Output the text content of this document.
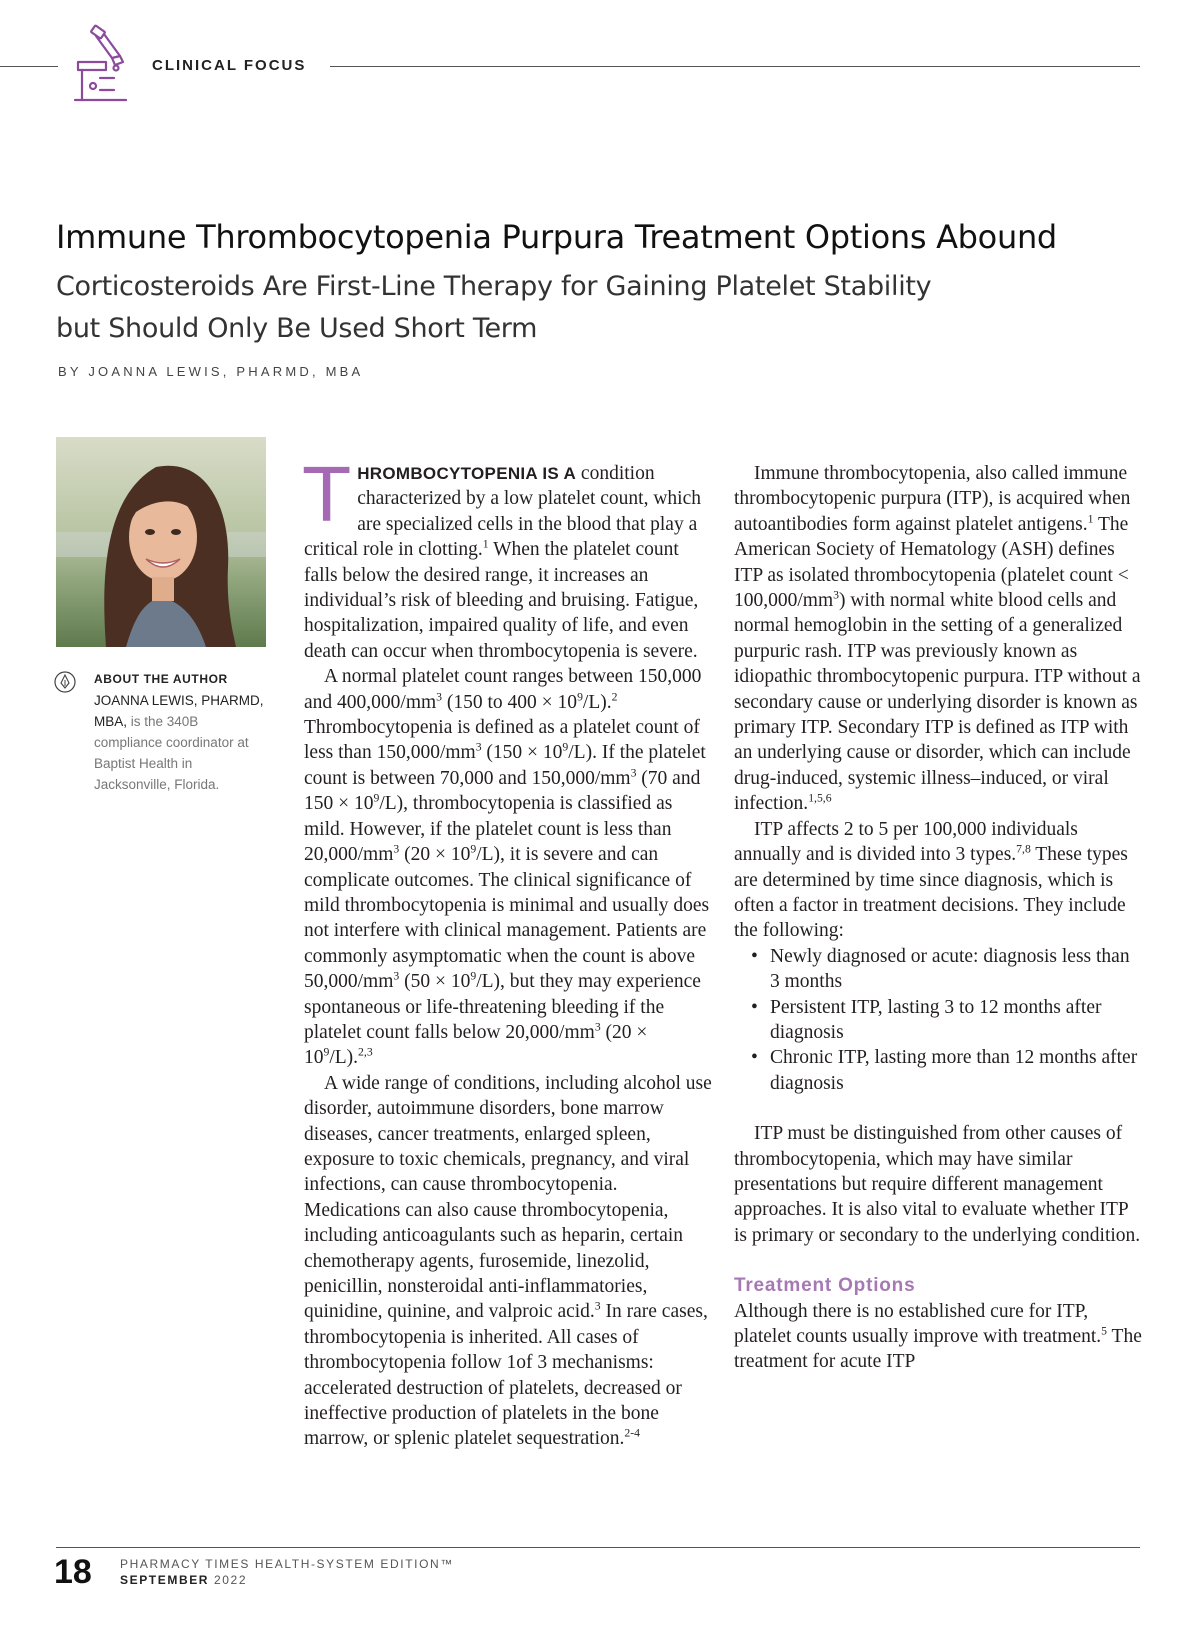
CLINICAL FOCUS
Immune Thrombocytopenia Purpura Treatment Options Abound
Corticosteroids Are First-Line Therapy for Gaining Platelet Stability
but Should Only Be Used Short Term
BY JOANNA LEWIS, PHARMD, MBA
ABOUT THE AUTHOR
JOANNA LEWIS, PHARMD, MBA, is the 340B compliance coordinator at Baptist Health in Jacksonville, Florida.

THROMBOCYTOPENIA IS A condition characterized by a low platelet count, which are specialized cells in the blood that play a critical role in clotting.$^1$ When the platelet count falls below the desired range, it increases an individual’s risk of bleeding and bruising. Fatigue, hospitalization, impaired quality of life, and even death can occur when thrombocytopenia is severe.

A normal platelet count ranges between 150,000 and $400,000/mm^3$ (150 to $400 \times 10^9/L).^2$ Thrombocytopenia is defined as a platelet count of less than $150,000/mm^3$ $(150 \times 10^9/L)$. If the platelet count is between 70,000 and $150,000/mm^3$ (70 and $150 \times 10^9/L$), thrombocytopenia is classified as mild. However, if the platelet count is less than $20,000/mm^3$ $(20 \times 10^9/L)$, it is severe and can complicate outcomes. The clinical significance of mild thrombocytopenia is minimal and usually does not interfere with clinical management. Patients are commonly asymptomatic when the count is above $50,000/mm^3$ $(50 \times 10^9/L)$, but they may experience spontaneous or life-threatening bleeding if the platelet count falls below $20,000/mm^3$ $(20 \times 10^9/L).^{2,3}$

A wide range of conditions, including alcohol use disorder, autoimmune disorders, bone marrow diseases, cancer treatments, enlarged spleen, exposure to toxic chemicals, pregnancy, and viral infections, can cause thrombocytopenia. Medications can also cause thrombocytopenia, including anticoagulants such as heparin, certain chemotherapy agents, furosemide, linezolid, penicillin, nonsteroidal anti-inflammatories, quinidine, quinine, and valproic acid.$^3$ In rare cases, thrombocytopenia is inherited. All cases of thrombocytopenia follow 1of 3 mechanisms: accelerated destruction of platelets, decreased or ineffective production of platelets in the bone marrow, or splenic platelet sequestration.$^{2-4}$

Immune thrombocytopenia, also called immune thrombocytopenic purpura (ITP), is acquired when autoantibodies form against platelet antigens.$^1$ The American Society of Hematology (ASH) defines ITP as isolated thrombocytopenia (platelet count < $100,000/mm^3$) with normal white blood cells and normal hemoglobin in the setting of a generalized purpuric rash. ITP was previously known as idiopathic thrombocytopenic purpura. ITP without a secondary cause or underlying disorder is known as primary ITP. Secondary ITP is defined as ITP with an underlying cause or disorder, which can include drug-induced, systemic illness–induced, or viral infection.$^{1,5,6}$

ITP affects 2 to 5 per 100,000 individuals annually and is divided into 3 types.$^{7,8}$ These types are determined by time since diagnosis, which is often a factor in treatment decisions. They include the following:

• Newly diagnosed or acute: diagnosis less than 3 months
• Persistent ITP, lasting 3 to 12 months after diagnosis
• Chronic ITP, lasting more than 12 months after diagnosis

ITP must be distinguished from other causes of thrombocytopenia, which may have similar presentations but require different management approaches. It is also vital to evaluate whether ITP is primary or secondary to the underlying condition.

Treatment Options

Although there is no established cure for ITP, platelet counts usually improve with treatment.$^5$ The treatment for acute ITP

18 PHARMACY TIMES HEALTH-SYSTEM EDITION™
SEPTEMBER 2022
